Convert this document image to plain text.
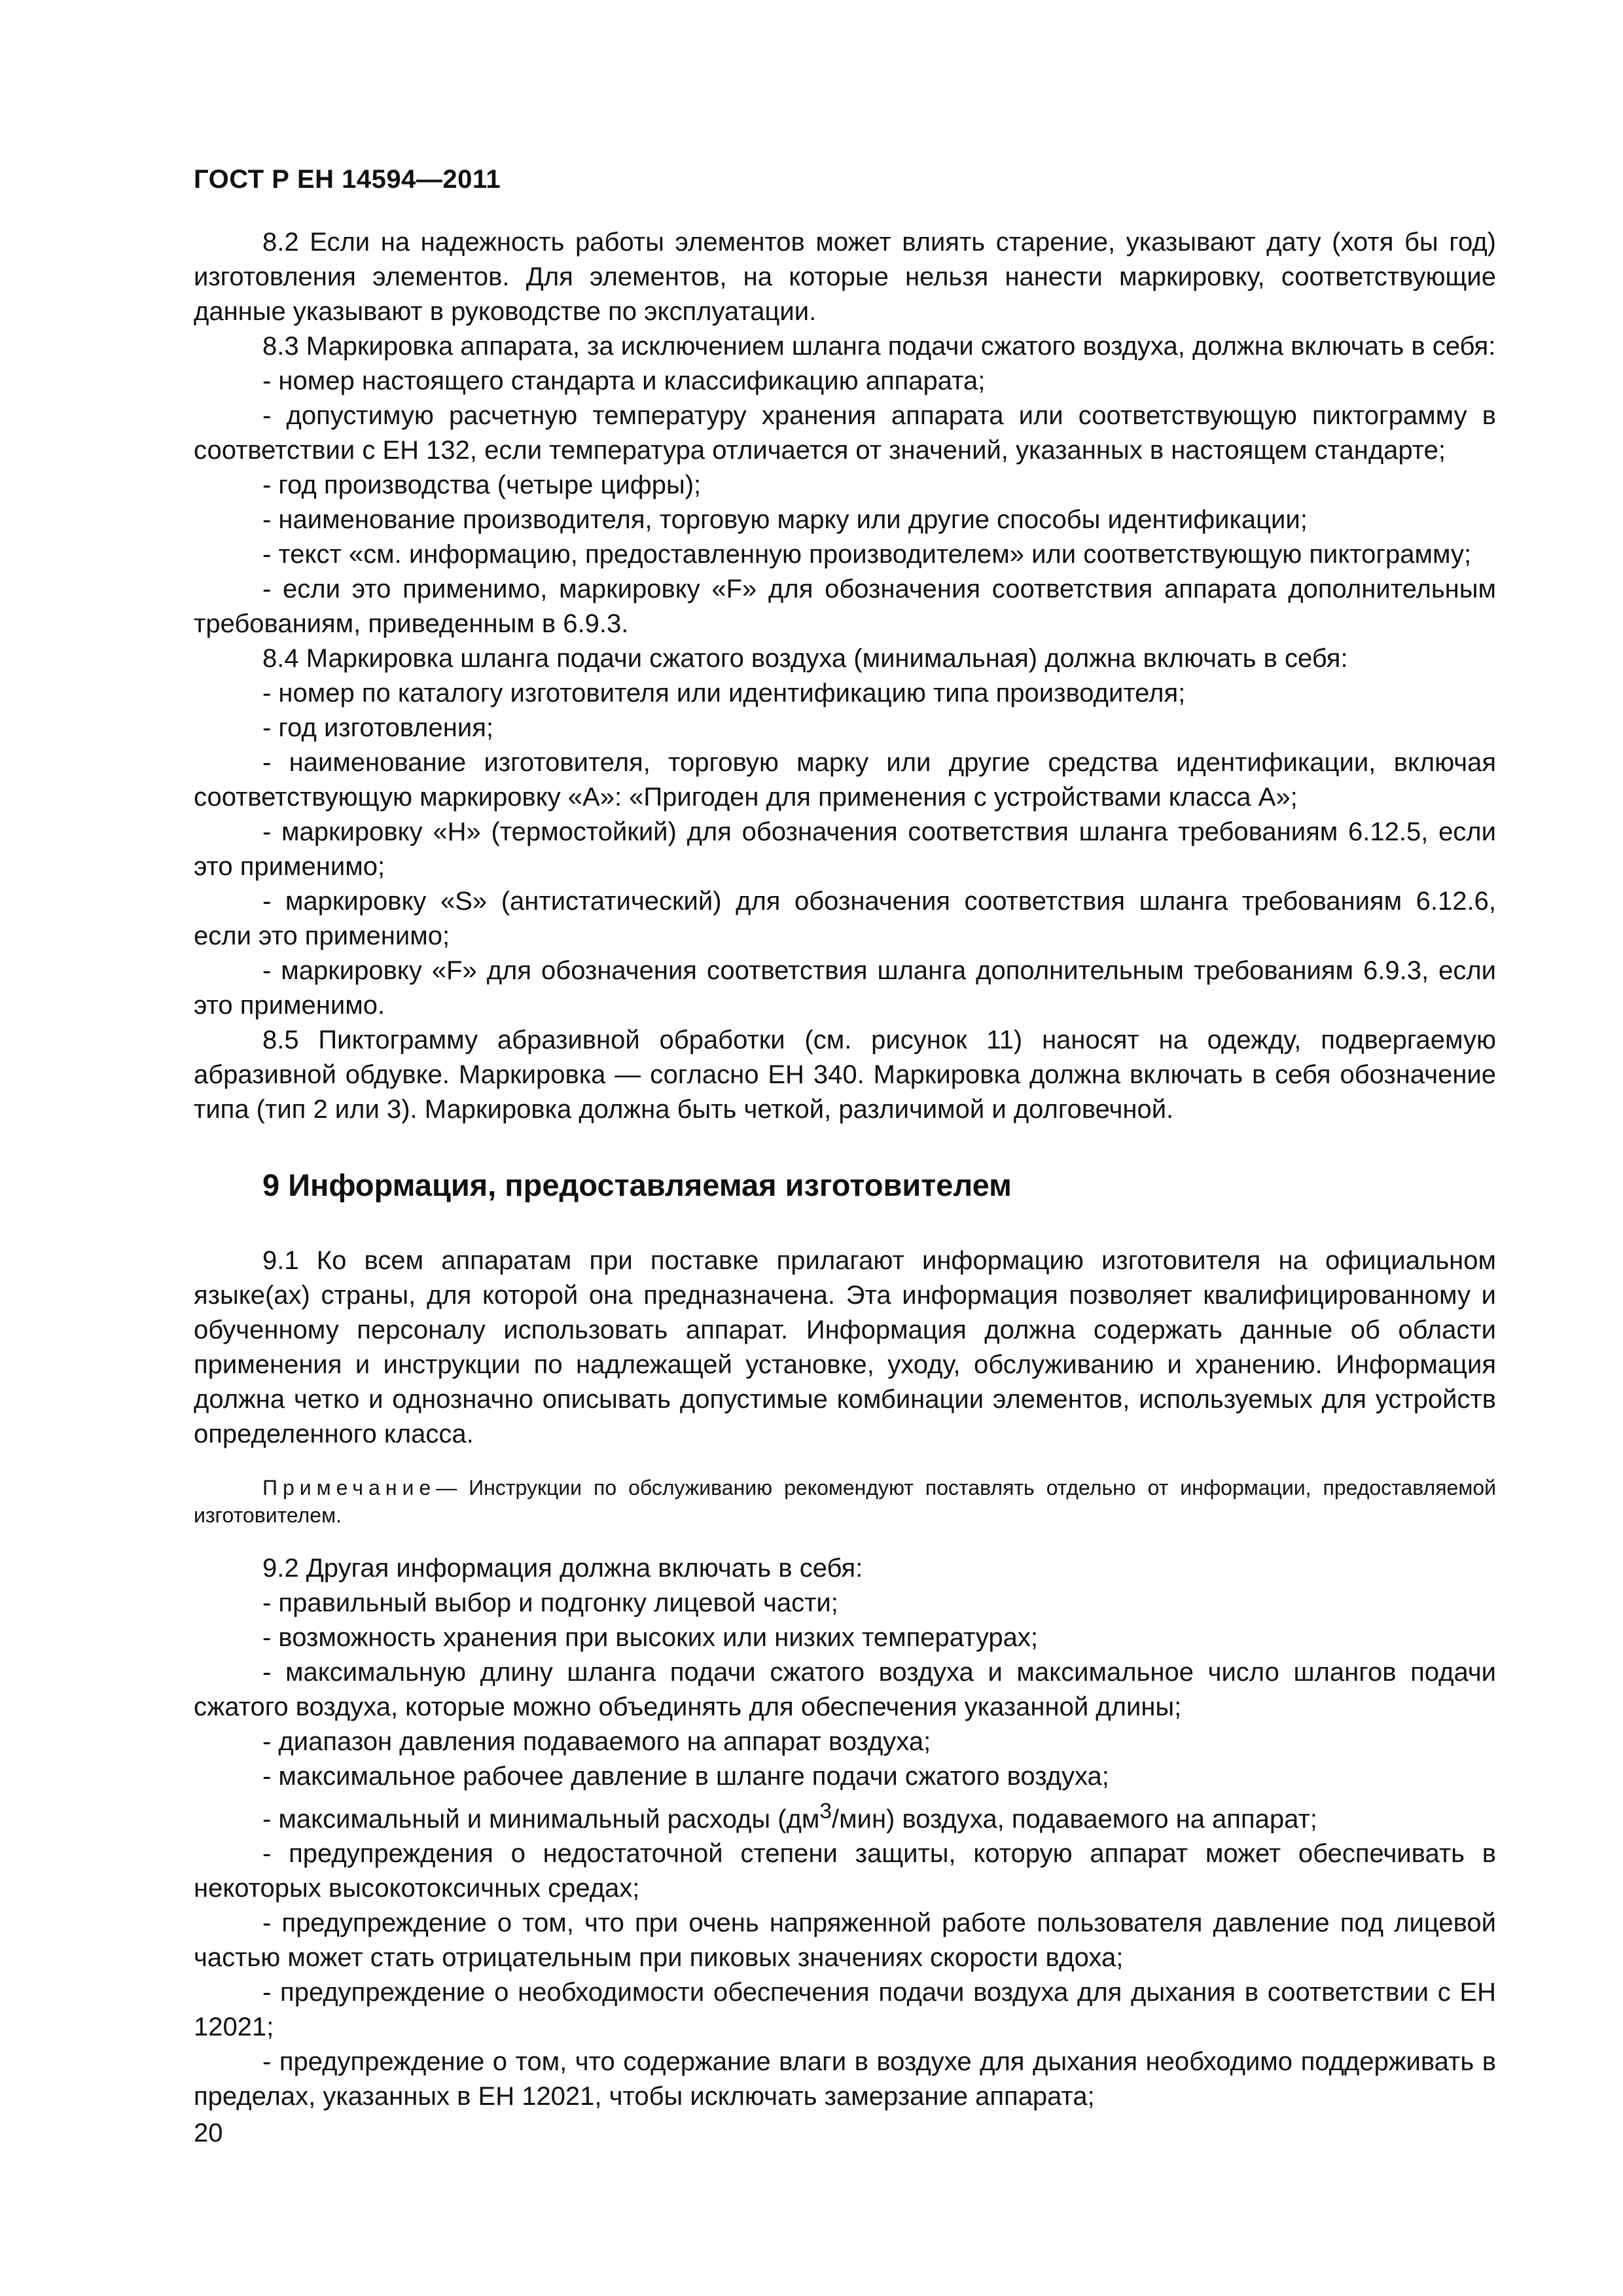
ГОСТ Р ЕН 14594—2011

8.2 Если на надежность работы элементов может влиять старение, указывают дату (хотя бы год) изготовления элементов. Для элементов, на которые нельзя нанести маркировку, соответствующие данные указывают в руководстве по эксплуатации.

8.3 Маркировка аппарата, за исключением шланга подачи сжатого воздуха, должна включать в себя:

- номер настоящего стандарта и классификацию аппарата;

- допустимую расчетную температуру хранения аппарата или соответствующую пиктограмму в соответствии с ЕН 132, если температура отличается от значений, указанных в настоящем стандарте;

- год производства (четыре цифры);

- наименование производителя, торговую марку или другие способы идентификации;

- текст «см. информацию, предоставленную производителем» или соответствующую пиктограмму;

- если это применимо, маркировку «F» для обозначения соответствия аппарата дополнительным требованиям, приведенным в 6.9.3.

8.4 Маркировка шланга подачи сжатого воздуха (минимальная) должна включать в себя:

- номер по каталогу изготовителя или идентификацию типа производителя;

- год изготовления;

- наименование изготовителя, торговую марку или другие средства идентификации, включая соответствующую маркировку «А»: «Пригоден для применения с устройствами класса А»;

- маркировку «Н» (термостойкий) для обозначения соответствия шланга требованиям 6.12.5, если это применимо;

- маркировку «S» (антистатический) для обозначения соответствия шланга требованиям 6.12.6, если это применимо;

- маркировку «F» для обозначения соответствия шланга дополнительным требованиям 6.9.3, если это применимо.

8.5 Пиктограмму абразивной обработки (см. рисунок 11) наносят на одежду, подвергаемую абразивной обдувке. Маркировка — согласно ЕН 340. Маркировка должна включать в себя обозначение типа (тип 2 или 3). Маркировка должна быть четкой, различимой и долговечной.

9 Информация, предоставляемая изготовителем

9.1 Ко всем аппаратам при поставке прилагают информацию изготовителя на официальном языке(ах) страны, для которой она предназначена. Эта информация позволяет квалифицированному и обученному персоналу использовать аппарат. Информация должна содержать данные об области применения и инструкции по надлежащей установке, уходу, обслуживанию и хранению. Информация должна четко и однозначно описывать допустимые комбинации элементов, используемых для устройств определенного класса.

Примечание— Инструкции по обслуживанию рекомендуют поставлять отдельно от информации, предоставляемой изготовителем.

9.2 Другая информация должна включать в себя:

- правильный выбор и подгонку лицевой части;

- возможность хранения при высоких или низких температурах;

- максимальную длину шланга подачи сжатого воздуха и максимальное число шлангов подачи сжатого воздуха, которые можно объединять для обеспечения указанной длины;

- диапазон давления подаваемого на аппарат воздуха;

- максимальное рабочее давление в шланге подачи сжатого воздуха;

- максимальный и минимальный расходы $(дм^3/мин)$ воздуха, подаваемого на аппарат;

- предупреждения о недостаточной степени защиты, которую аппарат может обеспечивать в некоторых высокотоксичных средах;

- предупреждение о том, что при очень напряженной работе пользователя давление под лицевой частью может стать отрицательным при пиковых значениях скорости вдоха;

- предупреждение о необходимости обеспечения подачи воздуха для дыхания в соответствии с ЕН 12021;

- предупреждение о том, что содержание влаги в воздухе для дыхания необходимо поддерживать в пределах, указанных в ЕН 12021, чтобы исключать замерзание аппарата;

20
